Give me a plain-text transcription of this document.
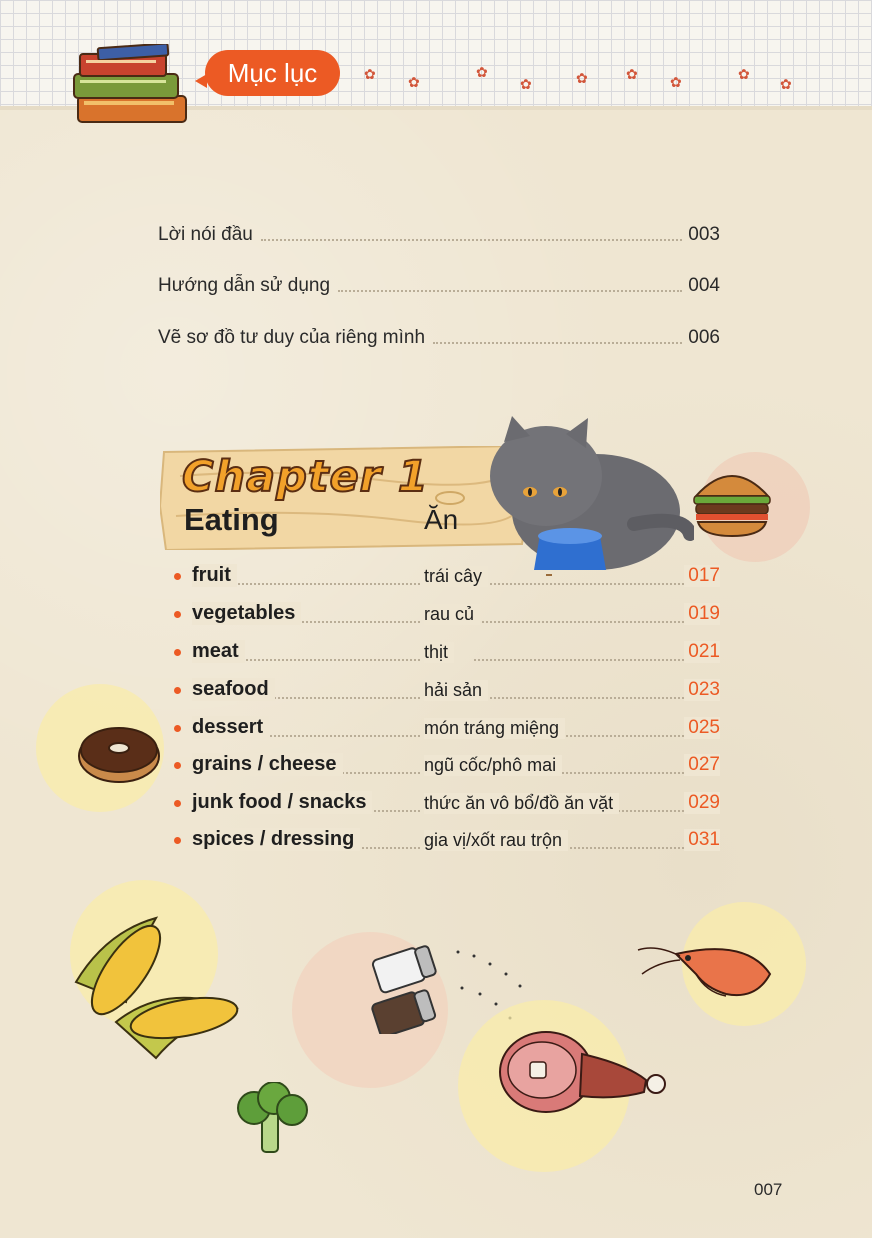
Mục lục	✿ ✿
✿
✿	✿	✿ ✿	✿
✿
Lời nói đầu	003
Hướng dẫn sử dụng	004
Vẽ sơ đồ tư duy của riêng mình	006
Chapter 1
Eating	Ăn
fruit	trái cây	017
vegetables	rau củ	019
meat	thịt	021
seafood	hải sản	023
dessert	món tráng miệng	025
grains / cheese	ngũ cốc/phô mai	027
junk food / snacks	thức ăn vô bổ/đồ ăn vặt	029
spices / dressing	gia vị/xốt rau trộn	031
007
